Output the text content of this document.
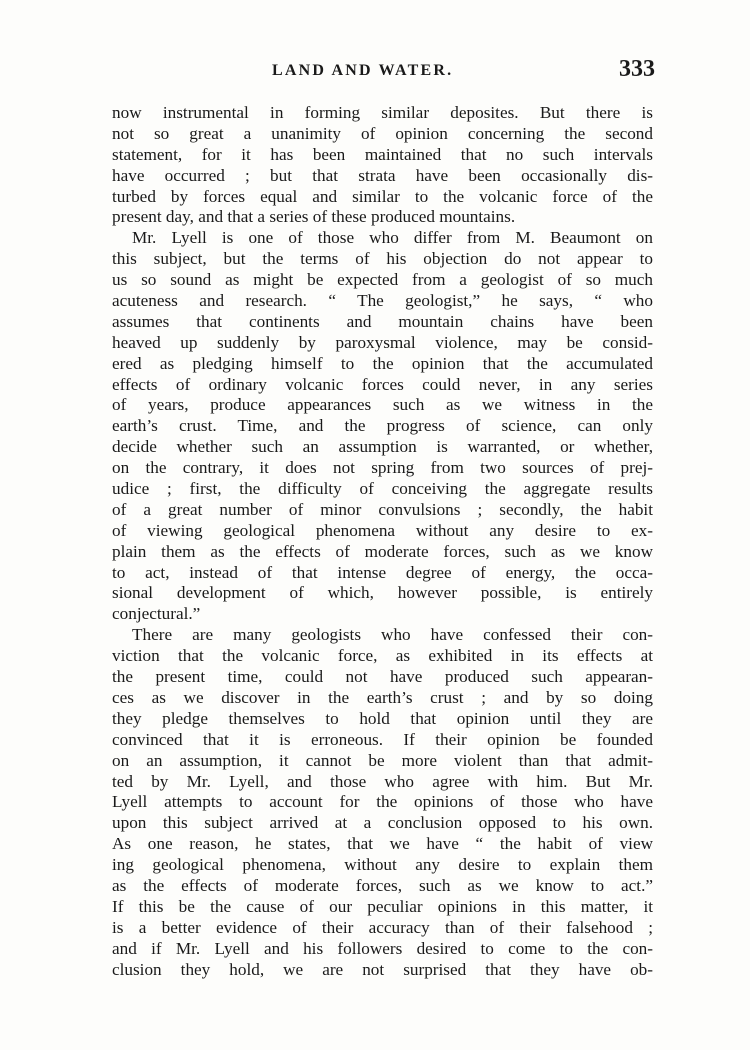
LAND AND WATER.	333
now instrumental in forming similar deposites. But there is
not so great a unanimity of opinion concerning the second
statement, for it has been maintained that no such intervals
have occurred ; but that strata have been occasionally dis-
turbed by forces equal and similar to the volcanic force of the
present day, and that a series of these produced mountains.
Mr. Lyell is one of those who differ from M. Beaumont on
this subject, but the terms of his objection do not appear to
us so sound as might be expected from a geologist of so much
acuteness and research. “ The geologist,” he says, “ who
assumes that continents and mountain chains have been
heaved up suddenly by paroxysmal violence, may be consid-
ered as pledging himself to the opinion that the accumulated
effects of ordinary volcanic forces could never, in any series
of years, produce appearances such as we witness in the
earth’s crust. Time, and the progress of science, can only
decide whether such an assumption is warranted, or whether,
on the contrary, it does not spring from two sources of prej-
udice ; first, the difficulty of conceiving the aggregate results
of a great number of minor convulsions ; secondly, the habit
of viewing geological phenomena without any desire to ex-
plain them as the effects of moderate forces, such as we know
to act, instead of that intense degree of energy, the occa-
sional development of which, however possible, is entirely
conjectural.”
There are many geologists who have confessed their con-
viction that the volcanic force, as exhibited in its effects at
the present time, could not have produced such appearan-
ces as we discover in the earth’s crust ; and by so doing
they pledge themselves to hold that opinion until they are
convinced that it is erroneous. If their opinion be founded
on an assumption, it cannot be more violent than that admit-
ted by Mr. Lyell, and those who agree with him. But Mr.
Lyell attempts to account for the opinions of those who have
upon this subject arrived at a conclusion opposed to his own.
As one reason, he states, that we have “ the habit of view
ing geological phenomena, without any desire to explain them
as the effects of moderate forces, such as we know to act.”
If this be the cause of our peculiar opinions in this matter, it
is a better evidence of their accuracy than of their falsehood ;
and if Mr. Lyell and his followers desired to come to the con-
clusion they hold, we are not surprised that they have ob-
